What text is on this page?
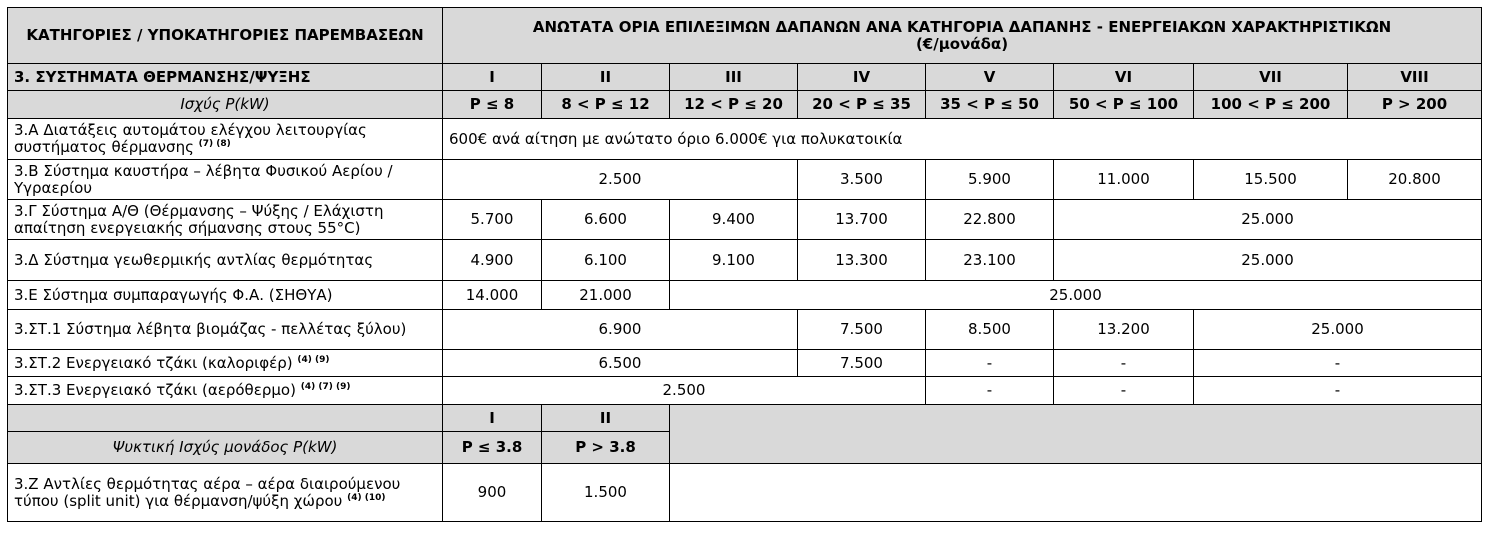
ΚΑΤΗΓΟΡΙΕΣ / ΥΠΟΚΑΤΗΓΟΡΙΕΣ ΠΑΡΕΜΒΑΣΕΩΝ	ΑΝΩΤΑΤΑ ΟΡΙΑ ΕΠΙΛΕΞΙΜΩΝ ΔΑΠΑΝΩΝ ΑΝΑ ΚΑΤΗΓΟΡΙΑ ΔΑΠΑΝΗΣ - ΕΝΕΡΓΕΙΑΚΩΝ ΧΑΡΑΚΤΗΡΙΣΤΙΚΩΝ
(€/μονάδα)							

3. ΣΥΣΤΗΜΑΤΑ ΘΕΡΜΑΝΣΗΣ/ΨΥΞΗΣ	I	II	III	IV	V	VI	VII	VIII
Ισχύς P(kW)	P ≤ 8	8 < P ≤ 12	12 < P ≤ 20	20 < P ≤ 35	35 < P ≤ 50	50 < P ≤ 100	100 < P ≤ 200	P > 200
3.Α Διατάξεις αυτομάτου ελέγχου λειτουργίας συστήματος θέρμανσης $^{(7) (8)}$	600€ ανά αίτηση με ανώτατο όριο 6.000€ για πολυκατοικία							
3.Β Σύστημα καυστήρα – λέβητα Φυσικού Αερίου / Υγραερίου	2.500			3.500	5.900	11.000	15.500	20.800
3.Γ Σύστημα Α/Θ (Θέρμανσης – Ψύξης / Ελάχιστη απαίτηση ενεργειακής σήμανσης στους 55°C)	5.700	6.600	9.400	13.700	22.800	25.000		
3.Δ Σύστημα γεωθερμικής αντλίας θερμότητας	4.900	6.100	9.100	13.300	23.100	25.000		
3.Ε Σύστημα συμπαραγωγής Φ.Α. (ΣΗΘΥΑ)	14.000	21.000	25.000					
3.ΣΤ.1 Σύστημα λέβητα βιομάζας - πελλέτας ξύλου)	6.900			7.500	8.500	13.200	25.000	
3.ΣΤ.2 Ενεργειακό τζάκι (καλοριφέρ) $^{(4) (9)}$	6.500			7.500	-	-	-	
3.ΣΤ.3 Ενεργειακό τζάκι (αερόθερμο) $^{(4) (7) (9)}$	2.500				-	-	-	
	I	II						
Ψυκτική Ισχύς μονάδος P(kW)	P ≤ 3.8	P > 3.8						
3.Ζ Αντλίες θερμότητας αέρα – αέρα διαιρούμενου τύπου (split unit) για θέρμανση/ψύξη χώρου $^{(4) (10)}$	900	1.500						
